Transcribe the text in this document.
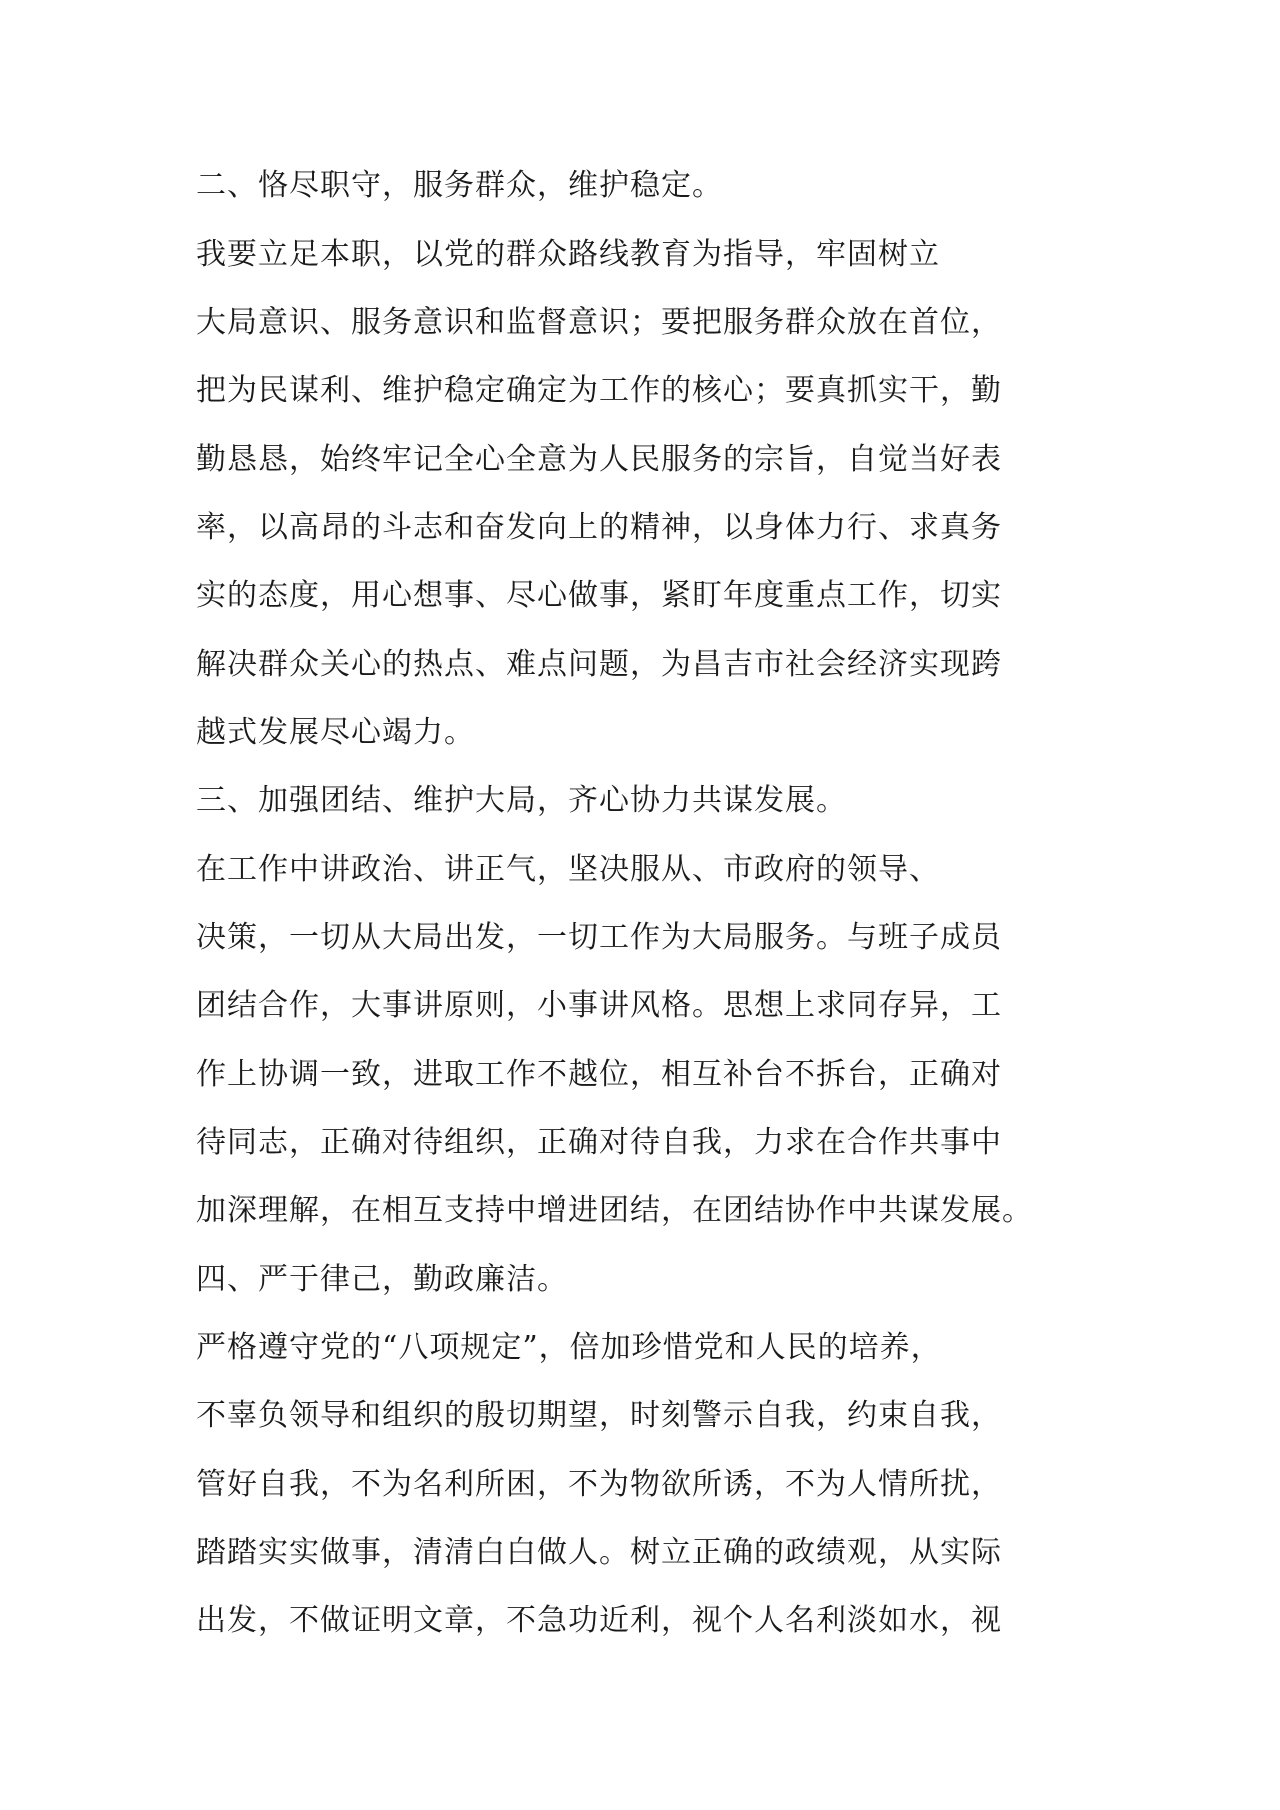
二、恪尽职守，服务群众，维护稳定。
我要立足本职，以党的群众路线教育为指导，牢固树立
大局意识、服务意识和监督意识；要把服务群众放在首位，
把为民谋利、维护稳定确定为工作的核心；要真抓实干，勤
勤恳恳，始终牢记全心全意为人民服务的宗旨，自觉当好表
率，以高昂的斗志和奋发向上的精神，以身体力行、求真务
实的态度，用心想事、尽心做事，紧盯年度重点工作，切实
解决群众关心的热点、难点问题，为昌吉市社会经济实现跨
越式发展尽心竭力。
三、加强团结、维护大局，齐心协力共谋发展。
在工作中讲政治、讲正气，坚决服从、市政府的领导、
决策，一切从大局出发，一切工作为大局服务。与班子成员
团结合作，大事讲原则，小事讲风格。思想上求同存异，工
作上协调一致，进取工作不越位，相互补台不拆台，正确对
待同志，正确对待组织，正确对待自我，力求在合作共事中
加深理解，在相互支持中增进团结，在团结协作中共谋发展。
四、严于律己，勤政廉洁。
严格遵守党的“八项规定”，倍加珍惜党和人民的培养，
不辜负领导和组织的殷切期望，时刻警示自我，约束自我，
管好自我，不为名利所困，不为物欲所诱，不为人情所扰，
踏踏实实做事，清清白白做人。树立正确的政绩观，从实际
出发，不做证明文章，不急功近利，视个人名利淡如水，视
